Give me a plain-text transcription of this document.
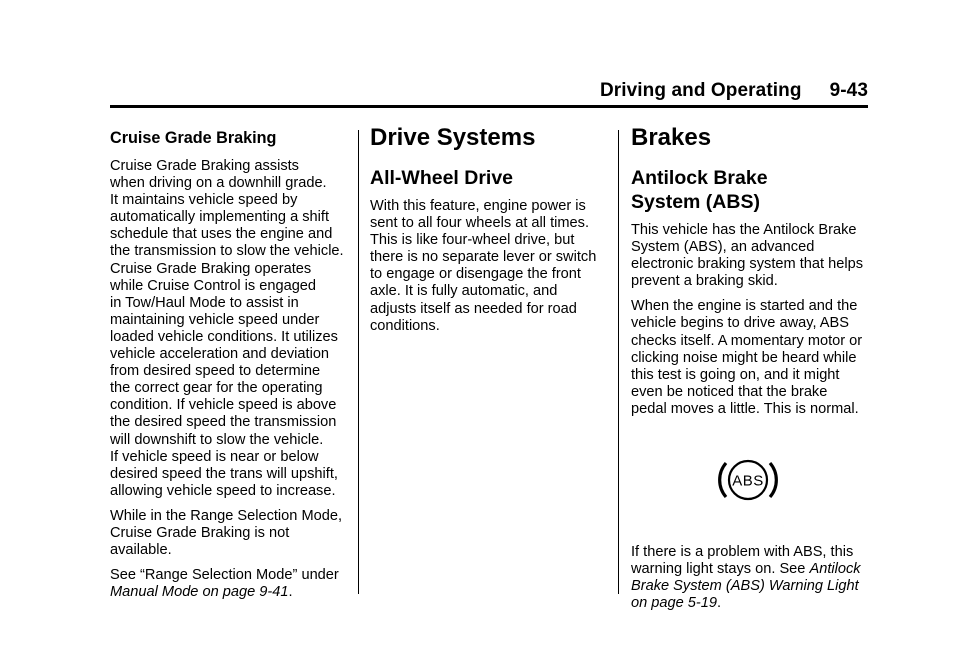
Driving and Operating 9-43
Cruise Grade Braking

Cruise Grade Braking assists
when driving on a downhill grade.
It maintains vehicle speed by
automatically implementing a shift
schedule that uses the engine and
the transmission to slow the vehicle.
Cruise Grade Braking operates
while Cruise Control is engaged
in Tow/Haul Mode to assist in
maintaining vehicle speed under
loaded vehicle conditions. It utilizes
vehicle acceleration and deviation
from desired speed to determine
the correct gear for the operating
condition. If vehicle speed is above
the desired speed the transmission
will downshift to slow the vehicle.
If vehicle speed is near or below
desired speed the trans will upshift,
allowing vehicle speed to increase.

While in the Range Selection Mode,
Cruise Grade Braking is not
available.

See “Range Selection Mode” under
Manual Mode on page 9-41.

Drive Systems
All-Wheel Drive

With this feature, engine power is
sent to all four wheels at all times.
This is like four-wheel drive, but
there is no separate lever or switch
to engage or disengage the front
axle. It is fully automatic, and
adjusts itself as needed for road
conditions.

Brakes
Antilock Brake
System (ABS)

This vehicle has the Antilock Brake
System (ABS), an advanced
electronic braking system that helps
prevent a braking skid.

When the engine is started and the
vehicle begins to drive away, ABS
checks itself. A momentary motor or
clicking noise might be heard while
this test is going on, and it might
even be noticed that the brake
pedal moves a little. This is normal.

ABS

If there is a problem with ABS, this
warning light stays on. See Antilock
Brake System (ABS) Warning Light
on page 5-19.
